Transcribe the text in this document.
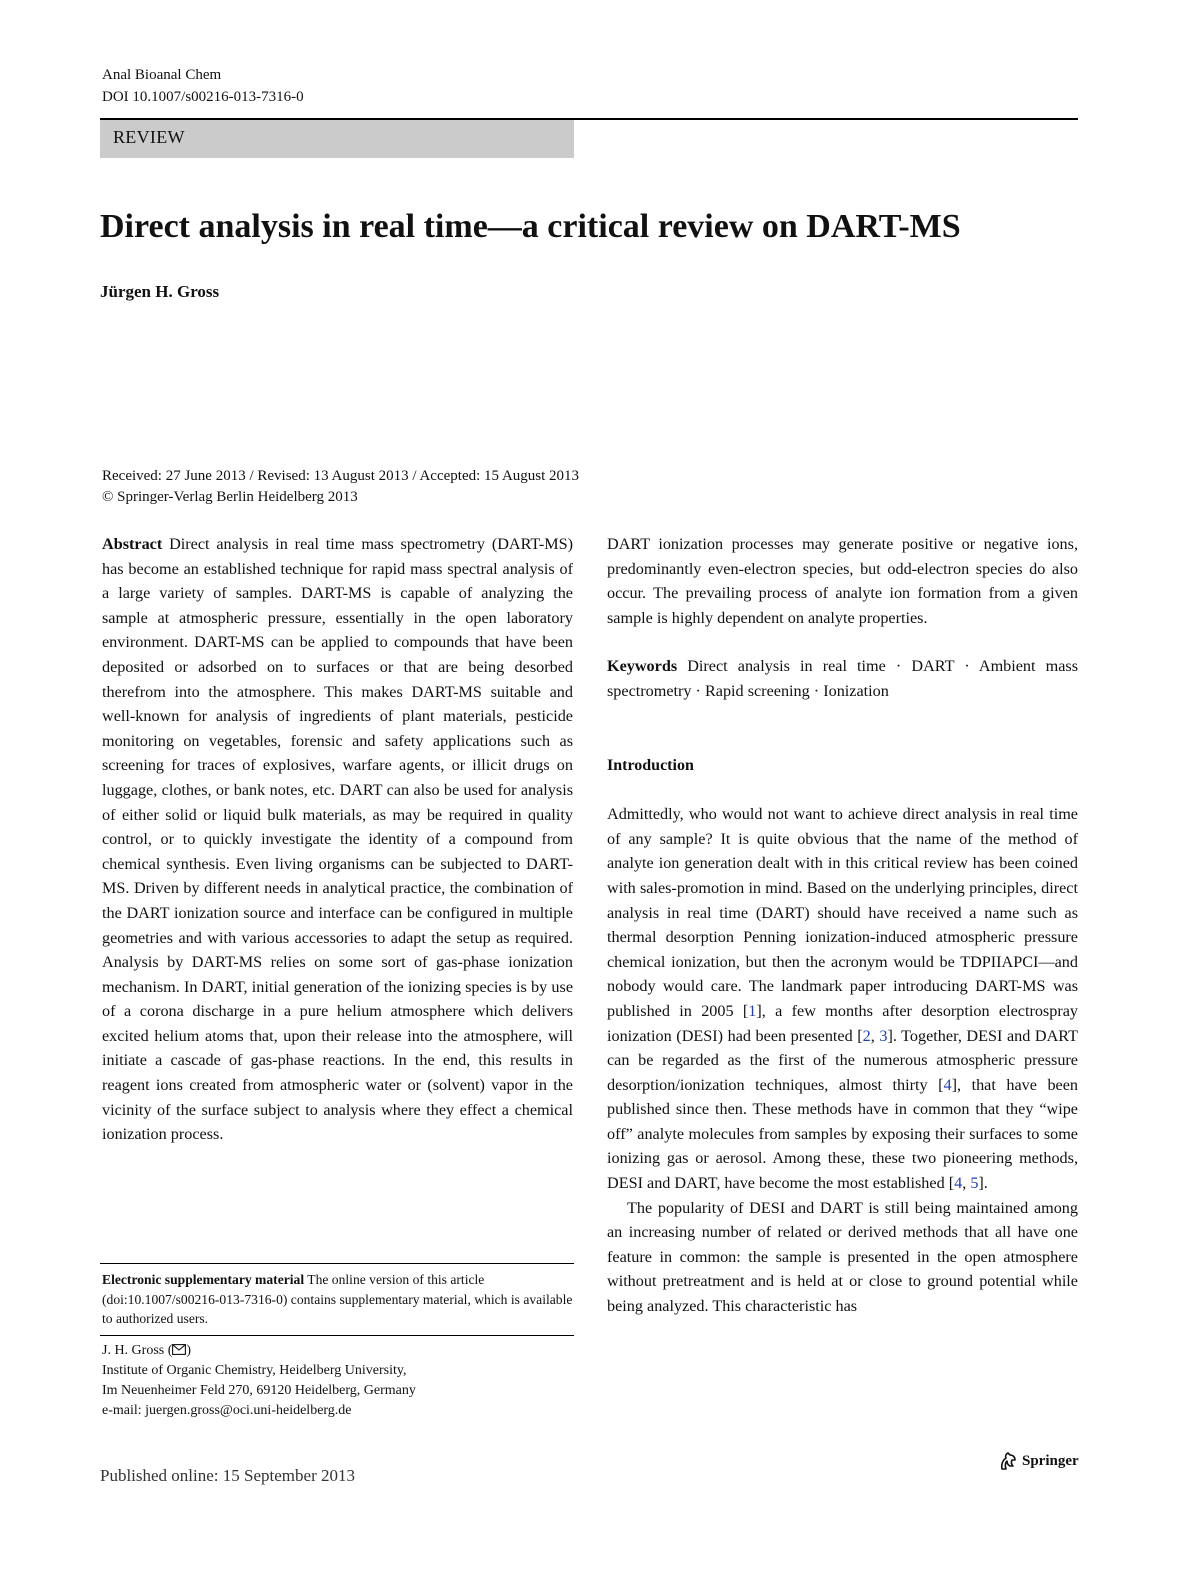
Anal Bioanal Chem
DOI 10.1007/s00216-013-7316-0
REVIEW
Direct analysis in real time—a critical review on DART-MS
Jürgen H. Gross
Received: 27 June 2013 / Revised: 13 August 2013 / Accepted: 15 August 2013
© Springer-Verlag Berlin Heidelberg 2013

Abstract Direct analysis in real time mass spectrometry (DART-MS) has become an established technique for rapid mass spectral analysis of a large variety of samples. DART-MS is capable of analyzing the sample at atmospheric pressure, essentially in the open laboratory environment. DART-MS can be applied to compounds that have been deposited or adsorbed on to surfaces or that are being desorbed therefrom into the atmosphere. This makes DART-MS suitable and well-known for analysis of ingredients of plant materials, pesticide monitoring on vegetables, forensic and safety applications such as screening for traces of explosives, warfare agents, or illicit drugs on luggage, clothes, or bank notes, etc. DART can also be used for analysis of either solid or liquid bulk materials, as may be required in quality control, or to quickly investigate the identity of a compound from chemical synthesis. Even living organisms can be subjected to DART-MS. Driven by different needs in analytical practice, the combination of the DART ionization source and interface can be configured in multiple geometries and with various accessories to adapt the setup as required. Analysis by DART-MS relies on some sort of gas-phase ionization mechanism. In DART, initial generation of the ionizing species is by use of a corona discharge in a pure helium atmosphere which delivers excited helium atoms that, upon their release into the atmosphere, will initiate a cascade of gas-phase reactions. In the end, this results in reagent ions created from atmospheric water or (solvent) vapor in the vicinity of the surface subject to analysis where they effect a chemical ionization process.

DART ionization processes may generate positive or negative ions, predominantly even-electron species, but odd-electron species do also occur. The prevailing process of analyte ion formation from a given sample is highly dependent on analyte properties.

Keywords Direct analysis in real time · DART · Ambient mass spectrometry · Rapid screening · Ionization

Introduction

Admittedly, who would not want to achieve direct analysis in real time of any sample? It is quite obvious that the name of the method of analyte ion generation dealt with in this critical review has been coined with sales-promotion in mind. Based on the underlying principles, direct analysis in real time (DART) should have received a name such as thermal desorption Penning ionization-induced atmospheric pressure chemical ionization, but then the acronym would be TDPIIAPCI—and nobody would care. The landmark paper introducing DART-MS was published in 2005 [1], a few months after desorption electrospray ionization (DESI) had been presented [2, 3]. Together, DESI and DART can be regarded as the first of the numerous atmospheric pressure desorption/ionization techniques, almost thirty [4], that have been published since then. These methods have in common that they “wipe off” analyte molecules from samples by exposing their surfaces to some ionizing gas or aerosol. Among these, these two pioneering methods, DESI and DART, have become the most established [4, 5].

The popularity of DESI and DART is still being maintained among an increasing number of related or derived methods that all have one feature in common: the sample is presented in the open atmosphere without pretreatment and is held at or close to ground potential while being analyzed. This characteristic has

Electronic supplementary material The online version of this article (doi:10.1007/s00216-013-7316-0) contains supplementary material, which is available to authorized users.
J. H. Gross ( )
Institute of Organic Chemistry, Heidelberg University,
Im Neuenheimer Feld 270, 69120 Heidelberg, Germany
e-mail: juergen.gross@oci.uni-heidelberg.de
Published online: 15 September 2013
Springer
